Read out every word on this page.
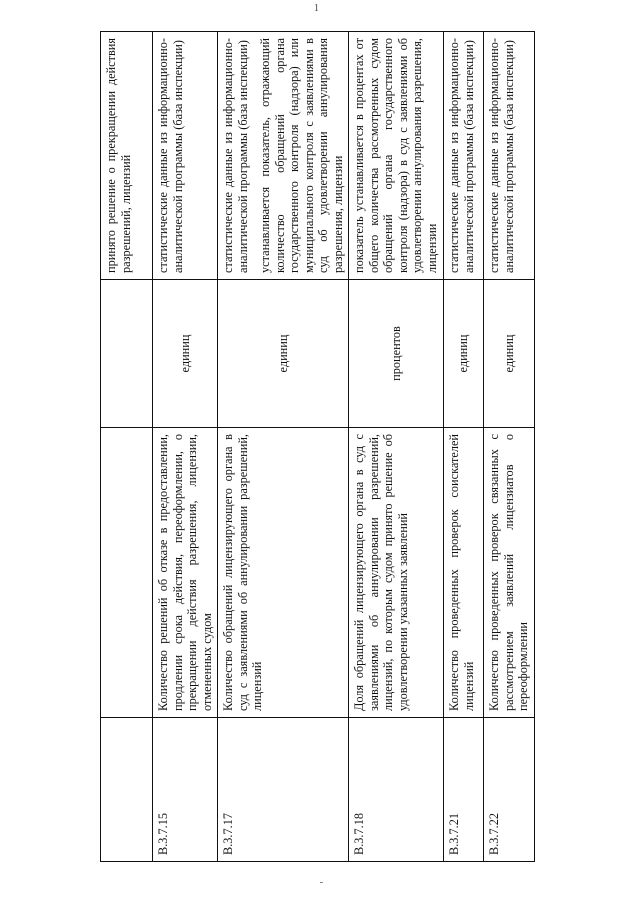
1

			принято решение о прекращении действия разрешений, лицензий

В.3.7.15	Количество решений об отказе в предоставлении, продлении срока действия, переоформлении, о прекращении действия разрешения, лицензии, отмененных судом	единиц	статистические данные из информационно-аналитической программы (база инспекции)

В.3.7.17	Количество обращений лицензирующего органа в суд с заявлениями об аннулировании разрешений, лицензий	единиц	статистические данные из информационно-аналитической программы (база инспекции) устанавливается показатель, отражающий количество обращений органа государственного контроля (надзора) или муниципального контроля с заявлениями в суд об удовлетворении аннулирования разрешения, лицензии

В.3.7.18	Доля обращений лицензирующего органа в суд с заявлениями об аннулировании разрешений, лицензий, по которым судом принято решение об удовлетворении указанных заявлений	процентов	показатель устанавливается в процентах от общего количества рассмотренных судом обращений органа государственного контроля (надзора) в суд с заявлениями об удовлетворении аннулирования разрешения, лицензии

В.3.7.21	Количество проведенных проверок соискателей лицензий	единиц	статистические данные из информационно-аналитической программы (база инспекции)

В.3.7.22	Количество проведенных проверок связанных с рассмотрением заявлений лицензиатов о переоформлении	единиц	статистические данные из информационно-аналитической программы (база инспекции)
